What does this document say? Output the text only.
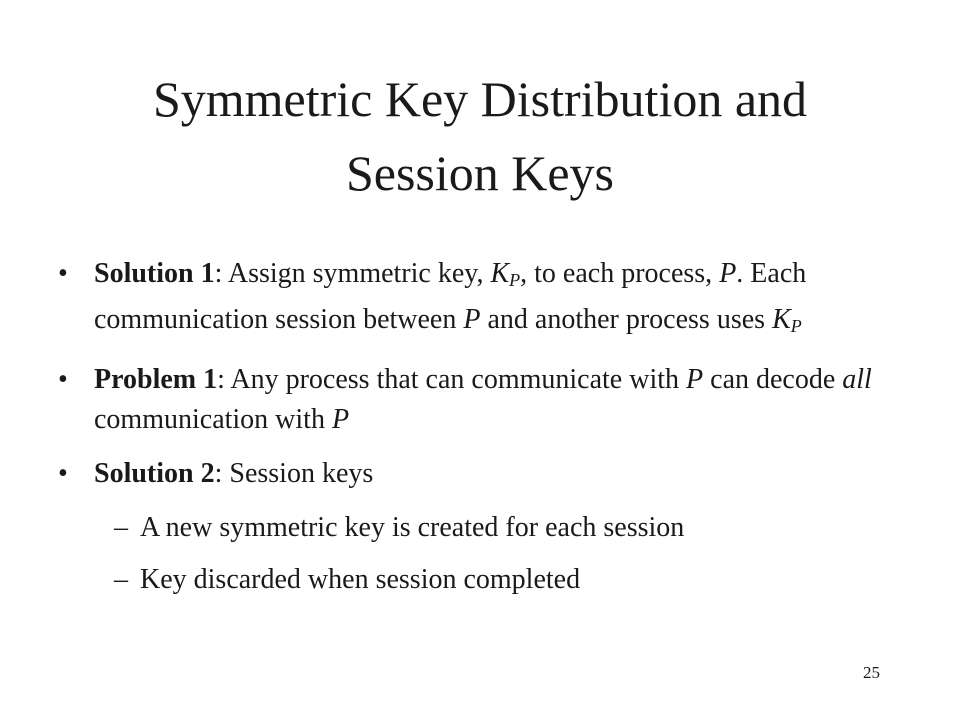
Symmetric Key Distribution and
Session Keys
• Solution 1: Assign symmetric key, $K_P$, to each process, P. Each communication session between P and another process uses $K_P$
• Problem 1: Any process that can communicate with P can decode all communication with P
• Solution 2: Session keys
– A new symmetric key is created for each session
– Key discarded when session completed
25
